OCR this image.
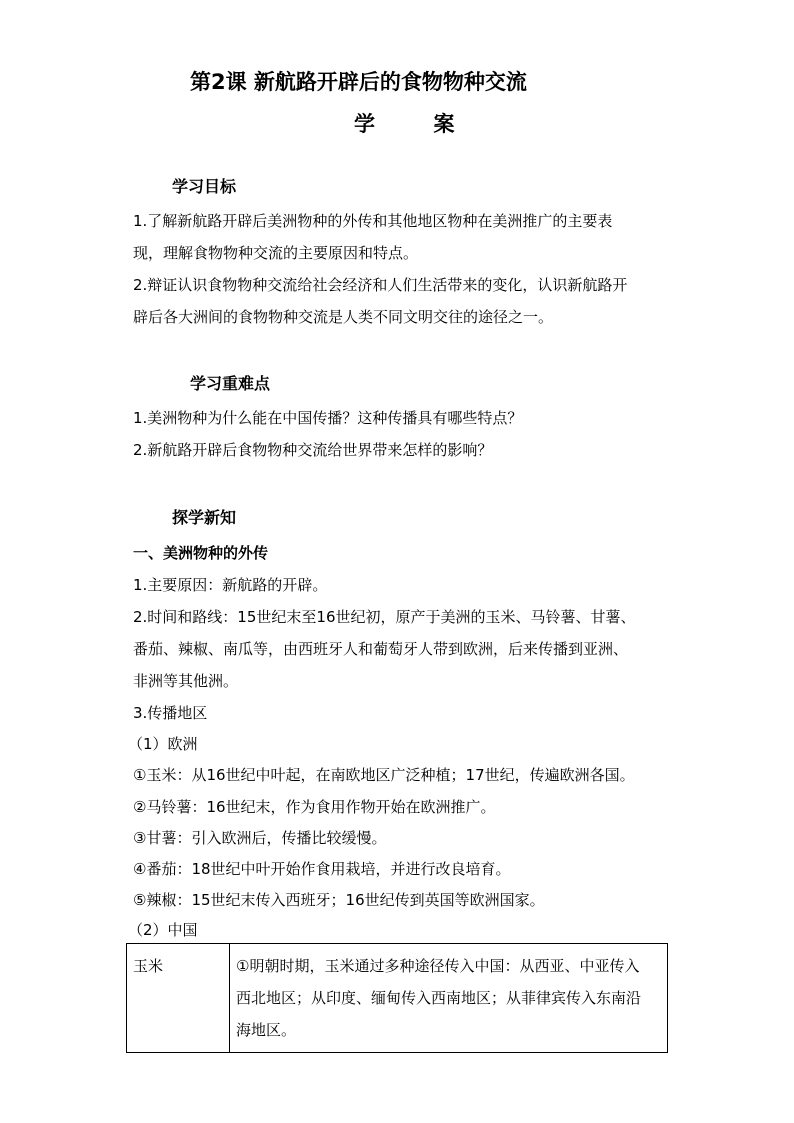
第2课 新航路开辟后的食物物种交流
学        案
学习目标
1.了解新航路开辟后美洲物种的外传和其他地区物种在美洲推广的主要表
现，理解食物物种交流的主要原因和特点。
2.辩证认识食物物种交流给社会经济和人们生活带来的变化，认识新航路开
辟后各大洲间的食物物种交流是人类不同文明交往的途径之一。
学习重难点
1.美洲物种为什么能在中国传播？这种传播具有哪些特点？
2.新航路开辟后食物物种交流给世界带来怎样的影响？
探学新知
一、美洲物种的外传
1.主要原因：新航路的开辟。
2.时间和路线：15世纪末至16世纪初，原产于美洲的玉米、马铃薯、甘薯、
番茄、辣椒、南瓜等，由西班牙人和葡萄牙人带到欧洲，后来传播到亚洲、
非洲等其他洲。
3.传播地区
（1）欧洲
①玉米：从16世纪中叶起，在南欧地区广泛种植；17世纪，传遍欧洲各国。
②马铃薯：16世纪末，作为食用作物开始在欧洲推广。
③甘薯：引入欧洲后，传播比较缓慢。
④番茄：18世纪中叶开始作食用栽培，并进行改良培育。
⑤辣椒：15世纪末传入西班牙；16世纪传到英国等欧洲国家。
（2）中国
玉米	①明朝时期，玉米通过多种途径传入中国：从西亚、中亚传入
西北地区；从印度、缅甸传入西南地区；从菲律宾传入东南沿
海地区。
